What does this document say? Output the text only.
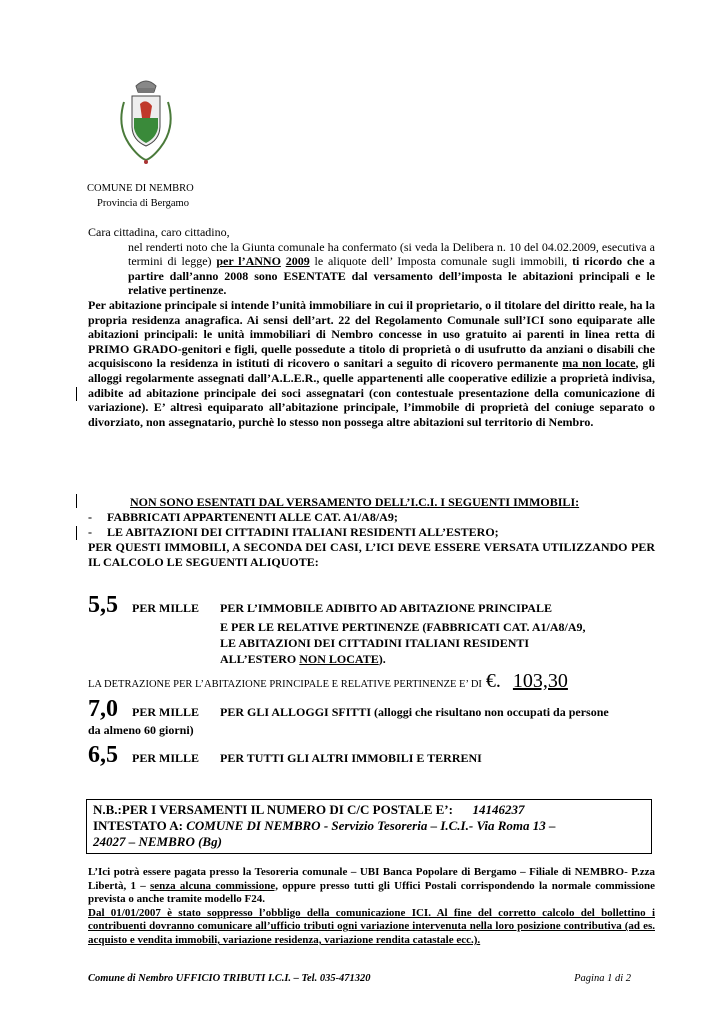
COMUNE DI NEMBRO
Provincia di Bergamo
Cara cittadina, caro cittadino,
nel renderti noto che la Giunta comunale ha confermato (si veda la Delibera n. 10 del 04.02.2009, esecutiva a termini di legge) per l’ANNO 2009 le aliquote dell’ Imposta comunale sugli immobili, ti ricordo che a partire dall’anno 2008 sono ESENTATE dal versamento dell’imposta le abitazioni principali e le relative pertinenze.
Per abitazione principale si intende l’unità immobiliare in cui il proprietario, o il titolare del diritto reale, ha la propria residenza anagrafica. Ai sensi dell’art. 22 del Regolamento Comunale sull’ICI sono equiparate alle abitazioni principali: le unità immobiliari di Nembro concesse in uso gratuito ai parenti in linea retta di PRIMO GRADO-genitori e figli, quelle possedute a titolo di proprietà o di usufrutto da anziani o disabili che acquisiscono la residenza in istituti di ricovero o sanitari a seguito di ricovero permanente ma non locate, gli alloggi regolarmente assegnati dall’A.L.E.R., quelle appartenenti alle cooperative edilizie a proprietà indivisa, adibite ad abitazione principale dei soci assegnatari (con contestuale presentazione della comunicazione di variazione). E’ altresì equiparato all’abitazione principale, l’immobile di proprietà del coniuge separato o divorziato, non assegnatario, purchè lo stesso non possega altre abitazioni sul territorio di Nembro.
NON SONO ESENTATI DAL VERSAMENTO DELL’I.C.I. I SEGUENTI IMMOBILI:
-     FABBRICATI APPARTENENTI ALLE CAT. A1/A8/A9;
-     LE ABITAZIONI DEI CITTADINI ITALIANI RESIDENTI ALL’ESTERO;
PER QUESTI IMMOBILI, A SECONDA DEI CASI, L’ICI DEVE ESSERE VERSATA UTILIZZANDO PER IL CALCOLO LE SEGUENTI ALIQUOTE:
5,5	PER MILLE	PER L’IMMOBILE ADIBITO AD ABITAZIONE PRINCIPALE
E PER LE RELATIVE PERTINENZE (FABBRICATI CAT. A1/A8/A9,
LE ABITAZIONI DEI CITTADINI ITALIANI RESIDENTI
ALL’ESTERO NON LOCATE).
LA DETRAZIONE PER L’ABITAZIONE PRINCIPALE E RELATIVE PERTINENZE E’ DI €. 103,30
7,0	PER MILLE	PER GLI ALLOGGI SFITTI (alloggi che risultano non occupati da persone
da almeno 60 giorni)
6,5	PER MILLE	PER TUTTI GLI ALTRI IMMOBILI E TERRENI
N.B.:PER I VERSAMENTI IL NUMERO DI C/C POSTALE E’: 14146237
INTESTATO A: COMUNE DI NEMBRO - Servizio Tesoreria – I.C.I.- Via Roma 13 –
24027 – NEMBRO (Bg)
L’Ici potrà essere pagata presso la Tesoreria comunale – UBI Banca Popolare di Bergamo – Filiale di NEMBRO- P.zza Libertà, 1 – senza alcuna commissione, oppure presso tutti gli Uffici Postali corrispondendo la normale commissione prevista o anche tramite modello F24.
Dal 01/01/2007 è stato soppresso l’obbligo della comunicazione ICI. Al fine del corretto calcolo del bollettino i contribuenti dovranno comunicare all’ufficio tributi ogni variazione intervenuta nella loro posizione contributiva (ad es. acquisto e vendita immobili, variazione residenza, variazione rendita catastale ecc.).
Comune di Nembro UFFICIO TRIBUTI I.C.I. – Tel. 035-471320	Pagina 1 di 2
